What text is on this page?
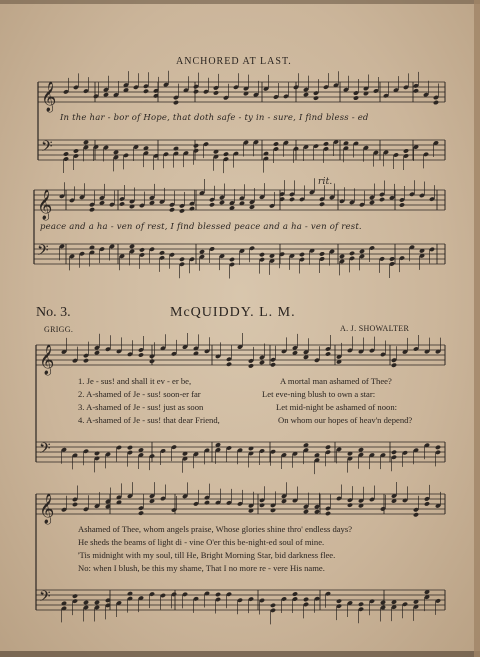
𝄞
𝄢
𝄞
𝄢
𝄞
𝄢
𝄞
𝄢
ANCHORED AT LAST.
In the har - bor of Hope, that doth safe - ty in - sure, I find bless - ed
rit.
peace and a ha - ven of rest, I find blessed peace and a ha - ven of rest.
No. 3.	McQUIDDY. L. M.
GRIGG.	A. J. SHOWALTER
1. Je - sus! and shall it ev - er be,
2. A-shamed of Je - sus! soon-er far
3. A-shamed of Je - sus! just as soon
4. A-shamed of Je - sus! that dear Friend,
A mortal man ashamed of Thee?
Let eve-ning blush to own a star:
Let mid-night be ashamed of noon:
On whom our hopes of heav'n depend?
Ashamed of Thee, whom angels praise, Whose glories shine thro' endless days?
He sheds the beams of light di - vine O'er this be-night-ed soul of mine.
'Tis midnight with my soul, till He, Bright Morning Star, bid darkness flee.
No: when I blush, be this my shame, That I no more re - vere His name.
